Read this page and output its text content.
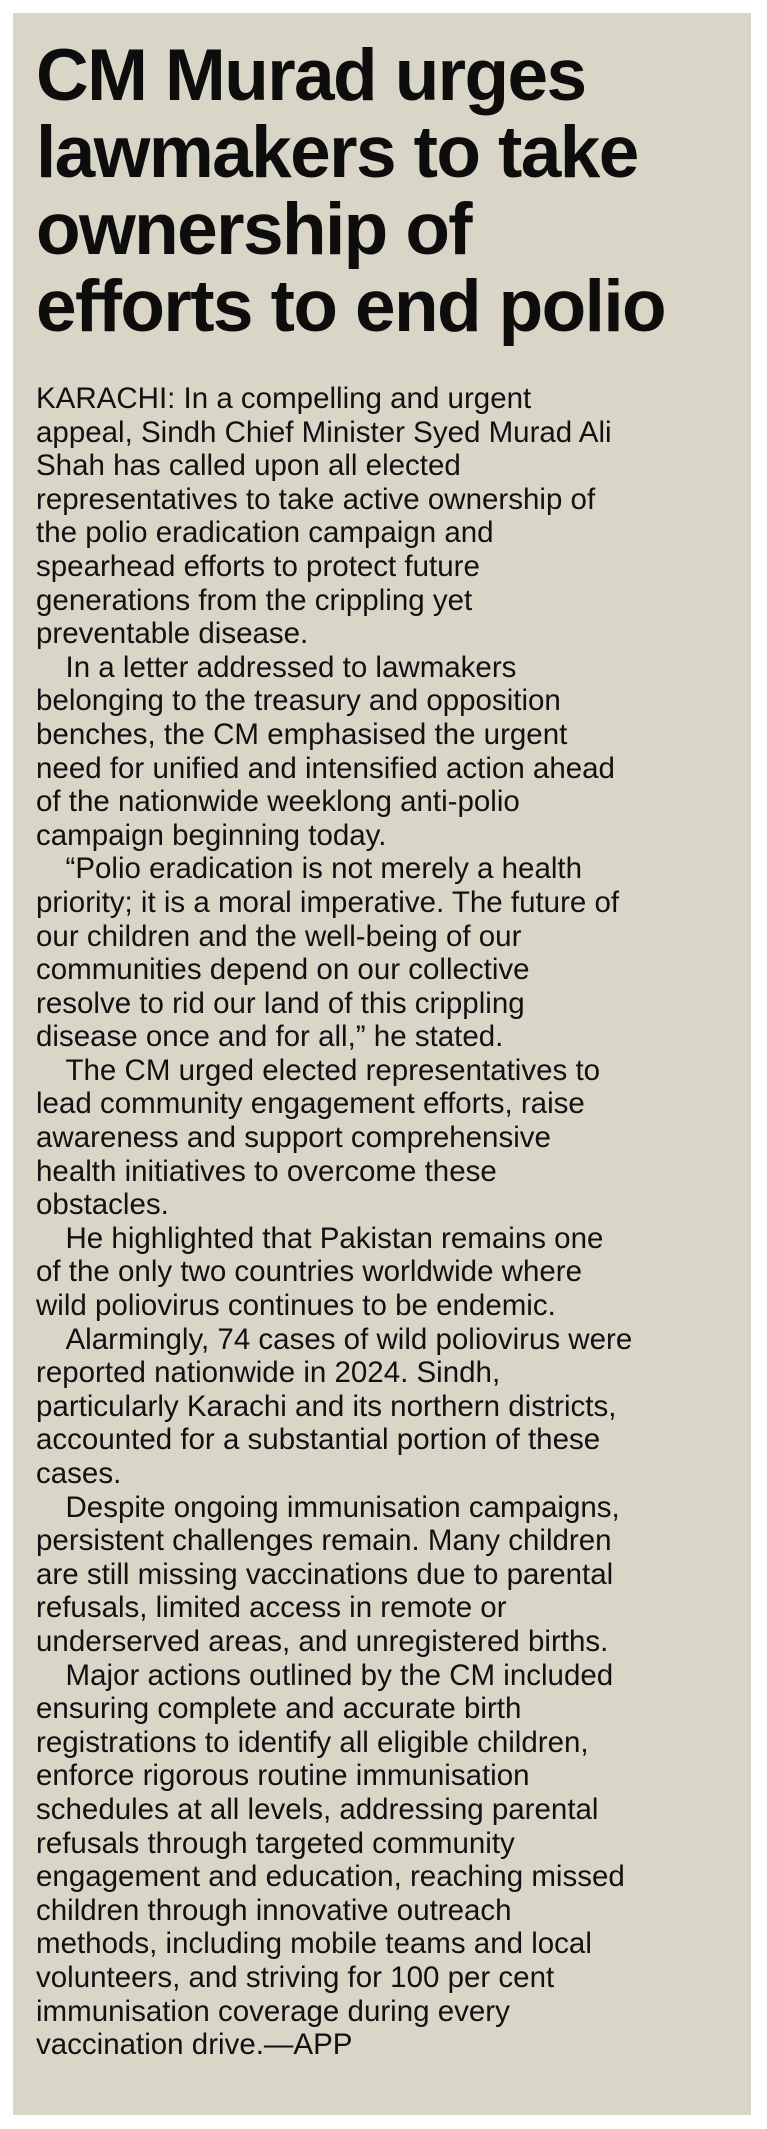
CM Murad urges
lawmakers to take
ownership of
efforts to end polio

KARACHI: In a compelling and urgent
appeal, Sindh Chief Minister Syed Murad Ali
Shah has called upon all elected
representatives to take active ownership of
the polio eradication campaign and
spearhead efforts to protect future
generations from the crippling yet
preventable disease.

  In a letter addressed to lawmakers
belonging to the treasury and opposition
benches, the CM emphasised the urgent
need for unified and intensified action ahead
of the nationwide weeklong anti-polio
campaign beginning today.

  “Polio eradication is not merely a health
priority; it is a moral imperative. The future of
our children and the well-being of our
communities depend on our collective
resolve to rid our land of this crippling
disease once and for all,” he stated.

  The CM urged elected representatives to
lead community engagement efforts, raise
awareness and support comprehensive
health initiatives to overcome these
obstacles.

  He highlighted that Pakistan remains one
of the only two countries worldwide where
wild poliovirus continues to be endemic.

  Alarmingly, 74 cases of wild poliovirus were
reported nationwide in 2024. Sindh,
particularly Karachi and its northern districts,
accounted for a substantial portion of these
cases.

  Despite ongoing immunisation campaigns,
persistent challenges remain. Many children
are still missing vaccinations due to parental
refusals, limited access in remote or
underserved areas, and unregistered births.

  Major actions outlined by the CM included
ensuring complete and accurate birth
registrations to identify all eligible children,
enforce rigorous routine immunisation
schedules at all levels, addressing parental
refusals through targeted community
engagement and education, reaching missed
children through innovative outreach
methods, including mobile teams and local
volunteers, and striving for 100 per cent
immunisation coverage during every
vaccination drive.—APP
